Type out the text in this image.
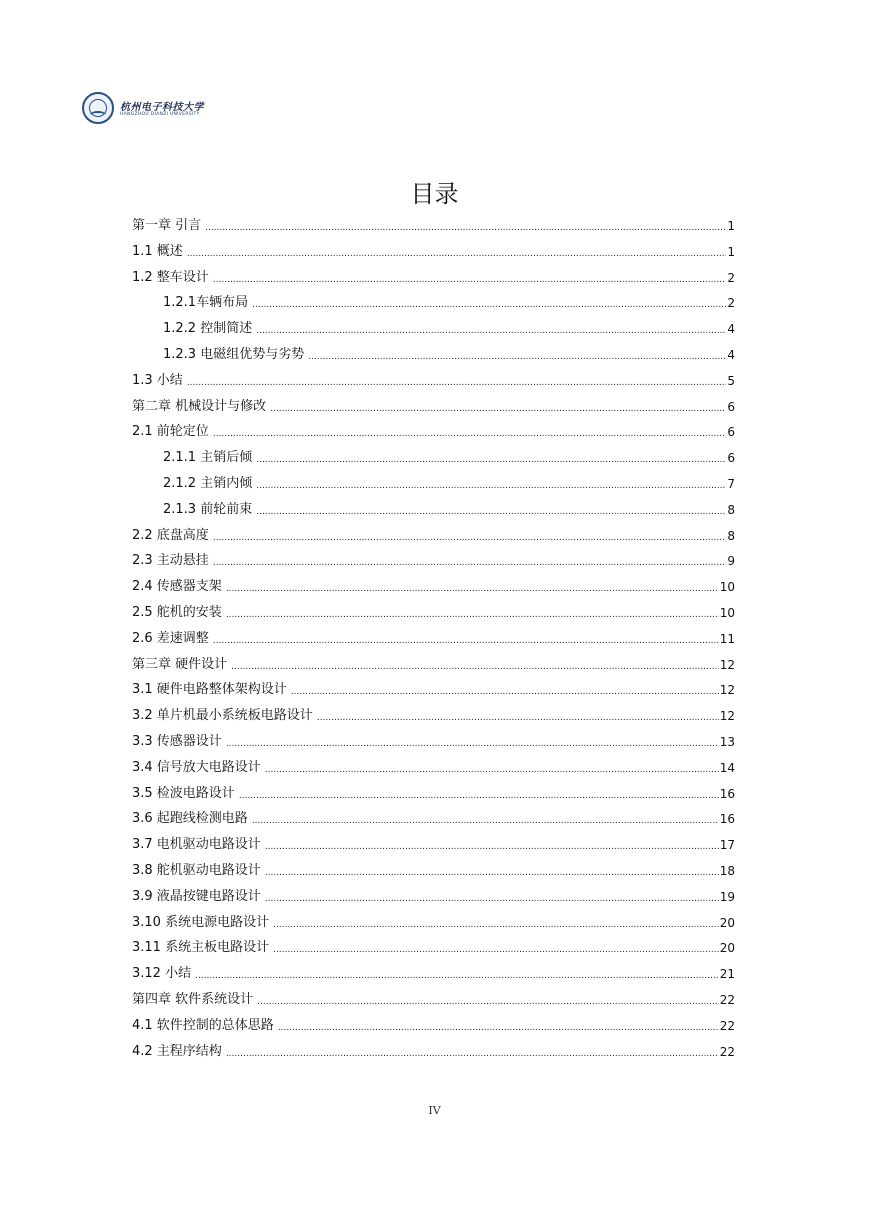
杭州电子科技大学
HANGZHOU DIANZI UNIVERSITY
目录
第一章 引言 .....	1
1.1 概述 .....	1
1.2 整车设计 .....	2
1.2.1车辆布局 .....	2
1.2.2 控制简述 .....	4
1.2.3 电磁组优势与劣势 .....	4
1.3 小结 .....	5
第二章 机械设计与修改 .....	6
2.1 前轮定位 .....	6
2.1.1 主销后倾 .....	6
2.1.2 主销内倾 .....	7
2.1.3 前轮前束 .....	8
2.2 底盘高度 .....	8
2.3 主动悬挂 .....	9
2.4 传感器支架 .....	10
2.5 舵机的安装 .....	10
2.6 差速调整 .....	11
第三章 硬件设计 .....	12
3.1 硬件电路整体架构设计 .....	12
3.2 单片机最小系统板电路设计 .....	12
3.3 传感器设计 .....	13
3.4 信号放大电路设计 .....	14
3.5 检波电路设计 .....	16
3.6 起跑线检测电路 .....	16
3.7 电机驱动电路设计 .....	17
3.8 舵机驱动电路设计 .....	18
3.9 液晶按键电路设计 .....	19
3.10 系统电源电路设计 .....	20
3.11 系统主板电路设计 .....	20
3.12 小结 .....	21
第四章 软件系统设计 .....	22
4.1 软件控制的总体思路 .....	22
4.2 主程序结构 .....	22
IV
